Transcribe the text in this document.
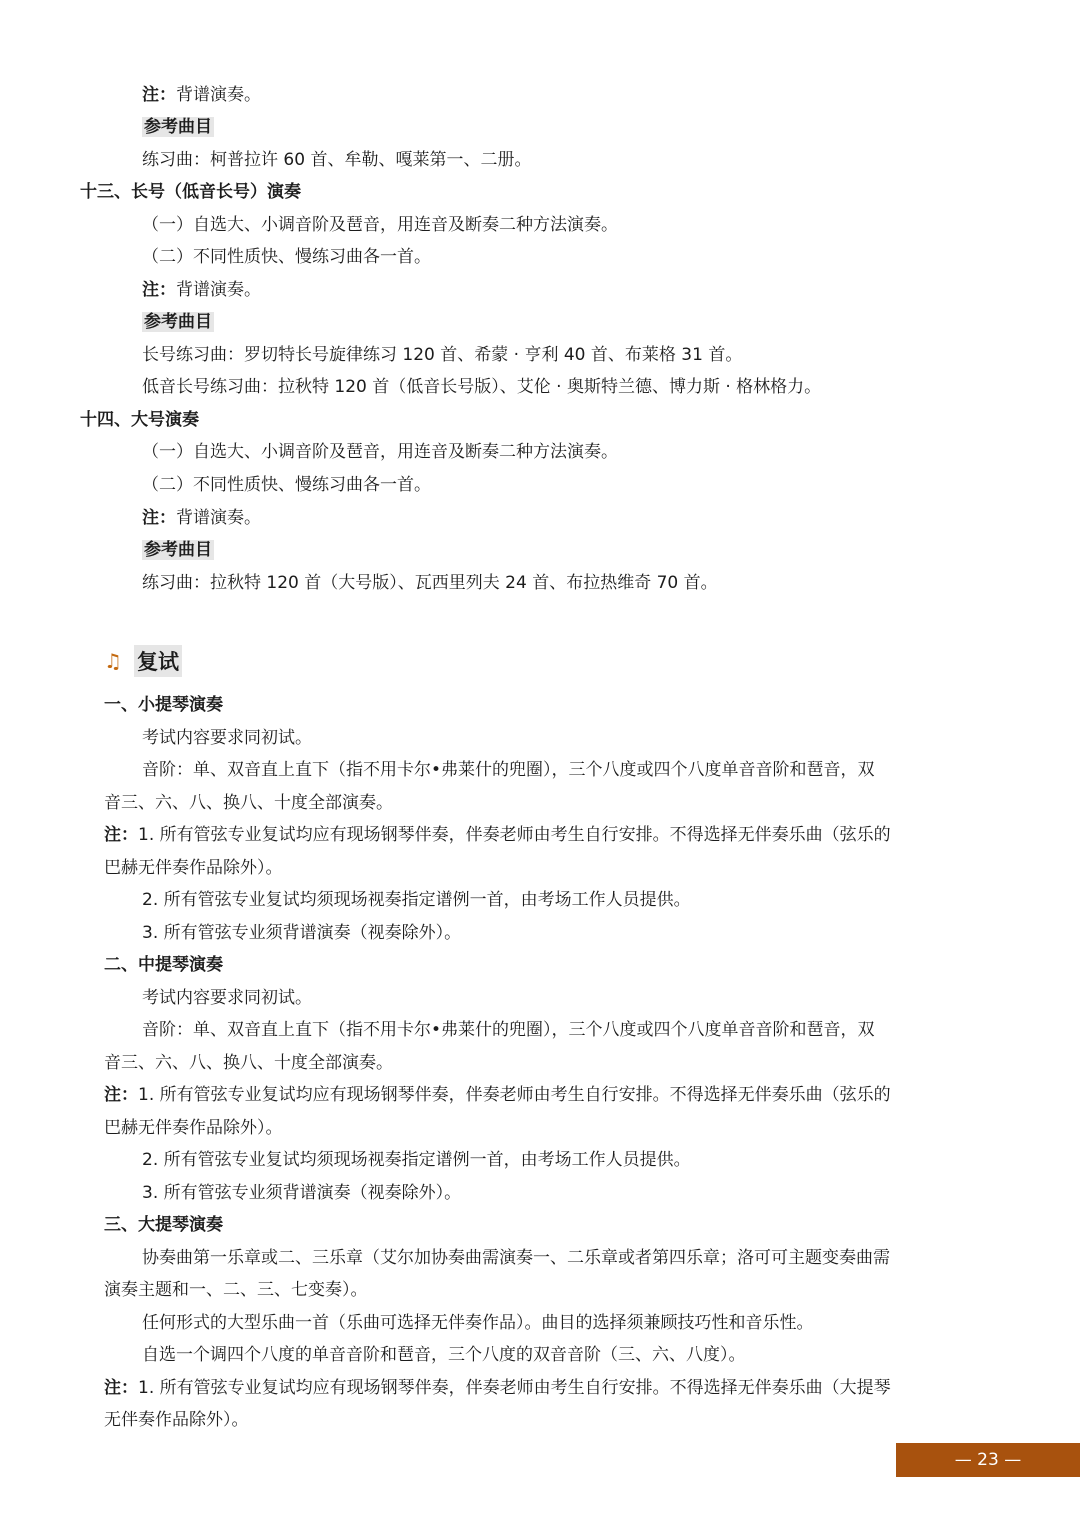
注：背谱演奏。
参考曲目
练习曲：柯普拉许 60 首、牟勒、嘎莱第一、二册。
十三、长号（低音长号）演奏
（一）自选大、小调音阶及琶音，用连音及断奏二种方法演奏。
（二）不同性质快、慢练习曲各一首。
注：背谱演奏。
参考曲目
长号练习曲：罗切特长号旋律练习 120 首、希蒙 · 亨利 40 首、布莱格 31 首。
低音长号练习曲：拉秋特 120 首（低音长号版）、艾伦 · 奥斯特兰德、博力斯 · 格林格力。
十四、大号演奏
（一）自选大、小调音阶及琶音，用连音及断奏二种方法演奏。
（二）不同性质快、慢练习曲各一首。
注：背谱演奏。
参考曲目
练习曲：拉秋特 120 首（大号版）、瓦西里列夫 24 首、布拉热维奇 70 首。
♫ 复试
一、小提琴演奏
考试内容要求同初试。
音阶：单、双音直上直下（指不用卡尔•弗莱什的兜圈），三个八度或四个八度单音音阶和琶音，双
音三、六、八、换八、十度全部演奏。
注：1. 所有管弦专业复试均应有现场钢琴伴奏，伴奏老师由考生自行安排。不得选择无伴奏乐曲（弦乐的
巴赫无伴奏作品除外）。
2. 所有管弦专业复试均须现场视奏指定谱例一首，由考场工作人员提供。
3. 所有管弦专业须背谱演奏（视奏除外）。
二、中提琴演奏
考试内容要求同初试。
音阶：单、双音直上直下（指不用卡尔•弗莱什的兜圈），三个八度或四个八度单音音阶和琶音，双
音三、六、八、换八、十度全部演奏。
注：1. 所有管弦专业复试均应有现场钢琴伴奏，伴奏老师由考生自行安排。不得选择无伴奏乐曲（弦乐的
巴赫无伴奏作品除外）。
2. 所有管弦专业复试均须现场视奏指定谱例一首，由考场工作人员提供。
3. 所有管弦专业须背谱演奏（视奏除外）。
三、大提琴演奏
协奏曲第一乐章或二、三乐章（艾尔加协奏曲需演奏一、二乐章或者第四乐章；洛可可主题变奏曲需
演奏主题和一、二、三、七变奏）。
任何形式的大型乐曲一首（乐曲可选择无伴奏作品）。曲目的选择须兼顾技巧性和音乐性。
自选一个调四个八度的单音音阶和琶音，三个八度的双音音阶（三、六、八度）。
注：1. 所有管弦专业复试均应有现场钢琴伴奏，伴奏老师由考生自行安排。不得选择无伴奏乐曲（大提琴
无伴奏作品除外）。
— 23 —
